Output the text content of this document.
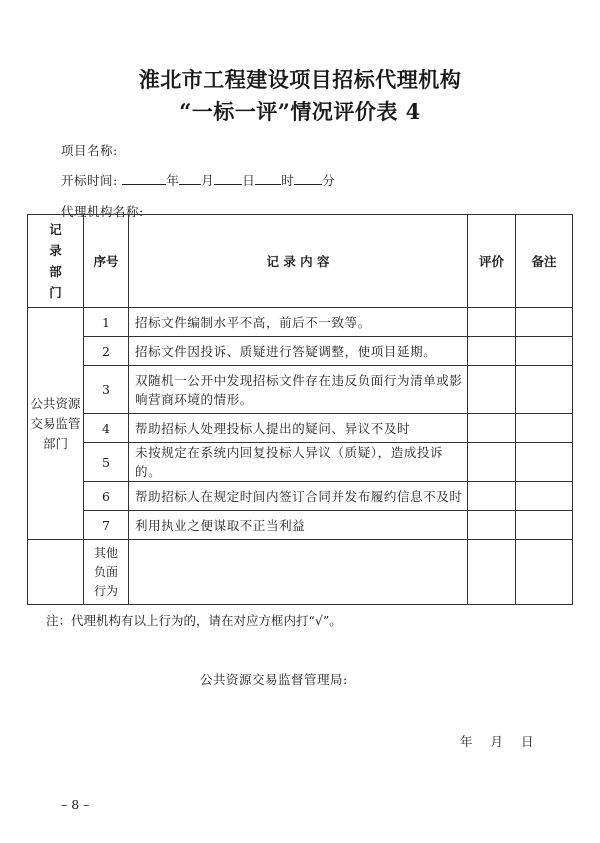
淮北市工程建设项目招标代理机构
“一标一评”情况评价表 4
项目名称:
开标时间:	年 月 日 时 分
代理机构名称:
记录部门	序号	记 录 内 容	评价	备注

公共资源交易监管部门	1	招标文件编制水平不高，前后不一致等。		
	2	招标文件因投诉、质疑进行答疑调整，使项目延期。		
	3	双随机一公开中发现招标文件存在违反负面行为清单或影响营商环境的情形。		
	4	帮助招标人处理投标人提出的疑问、异议不及时		
	5	未按规定在系统内回复投标人异议（质疑），造成投诉的。		
	6	帮助招标人在规定时间内签订合同并发布履约信息不及时		
	7	利用执业之便谋取不正当利益		

	其他负面行为			

注：代理机构有以上行为的，请在对应方框内打“√”。
公共资源交易监督管理局:
年 月 日
– 8 –
